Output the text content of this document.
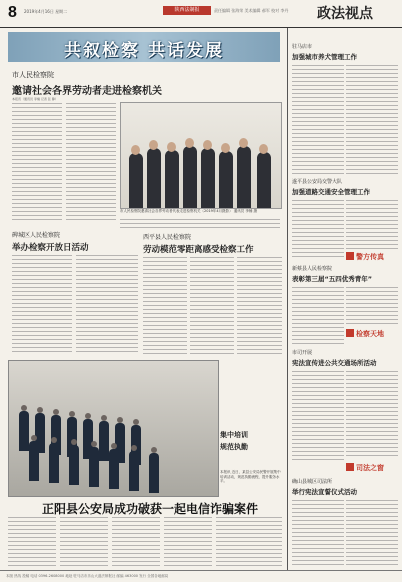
8 2019年4月16日 星期二	陕西法制报	责任编辑 张海荣 美术编辑 郝军 校对 李丹 政法视点
共叙检察 共话发展
市人民检察院
邀请社会各界劳动者走进检察机关
本报讯（通讯员 李楠 记者 张 静）
市人民检察院邀请社会各界劳动者代表走进检察机关（2019年4月摄影） 通讯员 李楠 摄
碑城区人民检察院
举办检察开放日活动
西平县人民检察院
劳动模范零距离感受检察工作
集中培训
规范执勤
本报讯 近日，某县公安局民警开展集中培训活动，规范执勤流程，提升服务水平。
正阳县公安局成功破获一起电信诈骗案件
驻马店市
加强城市养犬管理工作
遂平县公安局交警大队
加强道路交通安全管理工作
警方传真
新蔡县人民检察院
表彰第三届“五四优秀青年”
检察天地
市司开展
宪法宣传进公共交通场所活动
司法之窗
确山县城区司法所
举行宪法宣誓仪式活动
本版 热线 投稿 电话 0396-2608000 地址 驻马店市乐山大道法制报社 邮编 463000 发行 全国各地邮局
